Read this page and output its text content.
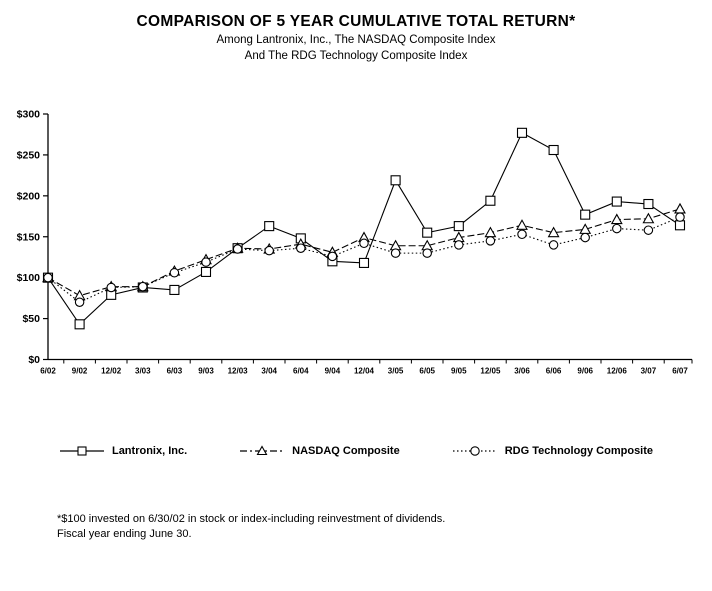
COMPARISON OF 5 YEAR CUMULATIVE TOTAL RETURN*
Among Lantronix, Inc., The NASDAQ Composite Index
And The RDG Technology Composite Index
$0
$50
$100
$150
$200
$250
$300
6/02 9/02 12/02 3/03 6/03 9/03 12/03 3/04 6/04 9/04 12/04 3/05 6/05 9/05 12/05 3/06 6/06 9/06 12/06 3/07 6/07
Lantronix, Inc.	NASDAQ Composite	RDG Technology Composite
*$100 invested on 6/30/02 in stock or index-including reinvestment of dividends.
Fiscal year ending June 30.
